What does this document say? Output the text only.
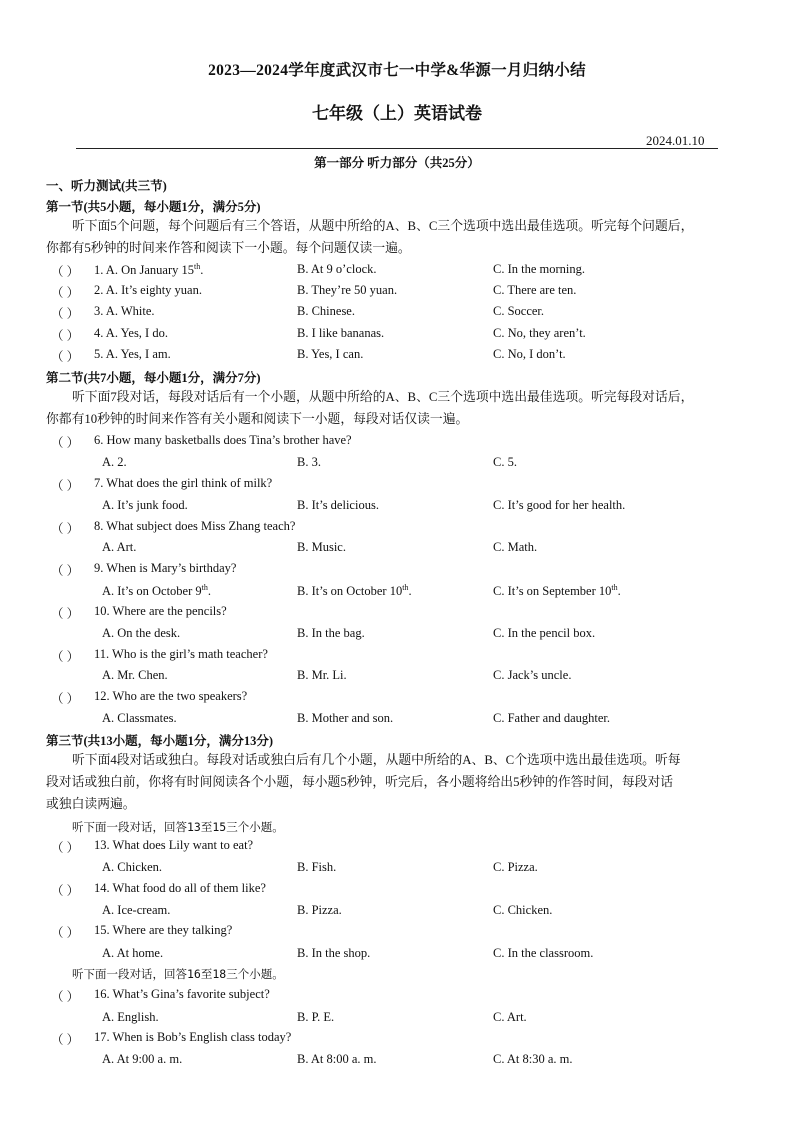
2023—2024学年度武汉市七一中学&华源一月归纳小结
七年级（上）英语试卷
2024.01.10
第一部分 听力部分（共25分）
一、听力测试(共三节)
第一节(共5小题，每小题1分，满分5分)
听下面5个问题，每个问题后有三个答语，从题中所给的A、B、C三个选项中选出最佳选项。听完每个问题后，
你都有5秒钟的时间来作答和阅读下一小题。每个问题仅读一遍。
（ ） 1. A. On January 15th.	B. At 9 o’clock.	C. In the morning.
（ ） 2. A. It’s eighty yuan.	B. They’re 50 yuan.	C. There are ten.
（ ） 3. A. White.	B. Chinese.	C. Soccer.
（ ） 4. A. Yes, I do.	B. I like bananas.	C. No, they aren’t.
（ ） 5. A. Yes, I am.	B. Yes, I can.	C. No, I don’t.
第二节(共7小题，每小题1分，满分7分)
听下面7段对话，每段对话后有一个小题，从题中所给的A、B、C三个选项中选出最佳选项。听完每段对话后，
你都有10秒钟的时间来作答有关小题和阅读下一小题，每段对话仅读一遍。
（ ） 6. How many basketballs does Tina’s brother have?
A. 2.	B. 3.	C. 5.
（ ） 7. What does the girl think of milk?
A. It’s junk food.	B. It’s delicious.	C. It’s good for her health.
（ ） 8. What subject does Miss Zhang teach?
A. Art.	B. Music.	C. Math.
（ ） 9. When is Mary’s birthday?
A. It’s on October 9th.	B. It’s on October 10th.	C. It’s on September 10th.
（ ） 10. Where are the pencils?
A. On the desk.	B. In the bag.	C. In the pencil box.
（ ） 11. Who is the girl’s math teacher?
A. Mr. Chen.	B. Mr. Li.	C. Jack’s uncle.
（ ） 12. Who are the two speakers?
A. Classmates.	B. Mother and son.	C. Father and daughter.
第三节(共13小题，每小题1分，满分13分)
听下面4段对话或独白。每段对话或独白后有几个小题，从题中所给的A、B、C个选项中选出最佳选项。听每
段对话或独白前，你将有时间阅读各个小题，每小题5秒钟，听完后，各小题将给出5秒钟的作答时间，每段对话
或独白读两遍。
听下面一段对话，回答13至15三个小题。
（ ） 13. What does Lily want to eat?
A. Chicken.	B. Fish.	C. Pizza.
（ ） 14. What food do all of them like?
A. Ice-cream.	B. Pizza.	C. Chicken.
（ ） 15. Where are they talking?
A. At home.	B. In the shop.	C. In the classroom.
听下面一段对话，回答16至18三个小题。
（ ） 16. What’s Gina’s favorite subject?
A. English.	B. P. E.	C. Art.
（ ） 17. When is Bob’s English class today?
A. At 9:00 a. m.	B. At 8:00 a. m.	C. At 8:30 a. m.
